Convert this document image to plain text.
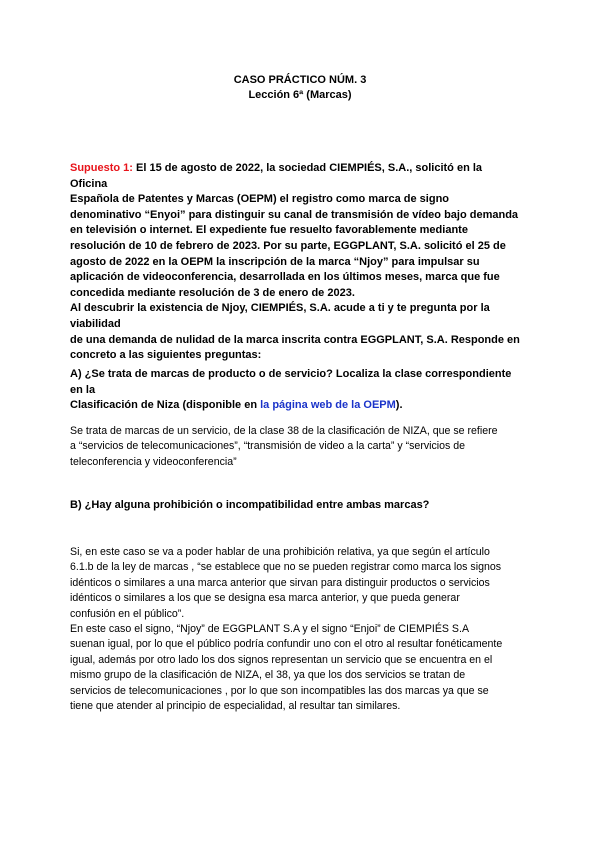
CASO PRÁCTICO NÚM. 3
Lección 6ª (Marcas)
Supuesto 1: El 15 de agosto de 2022, la sociedad CIEMPIÉS, S.A., solicitó en la
Oficina
Española de Patentes y Marcas (OEPM) el registro como marca de signo
denominativo “Enyoi” para distinguir su canal de transmisión de vídeo bajo demanda
en televisión o internet. El expediente fue resuelto favorablemente mediante
resolución de 10 de febrero de 2023. Por su parte, EGGPLANT, S.A. solicitó el 25 de
agosto de 2022 en la OEPM la inscripción de la marca “Njoy” para impulsar su
aplicación de videoconferencia, desarrollada en los últimos meses, marca que fue
concedida mediante resolución de 3 de enero de 2023.
Al descubrir la existencia de Njoy, CIEMPIÉS, S.A. acude a ti y te pregunta por la
viabilidad
de una demanda de nulidad de la marca inscrita contra EGGPLANT, S.A. Responde en
concreto a las siguientes preguntas:
A) ¿Se trata de marcas de producto o de servicio? Localiza la clase correspondiente
en la
Clasificación de Niza (disponible en la página web de la OEPM).
Se trata de marcas de un servicio, de la clase 38 de la clasificación de NIZA, que se refiere
a “servicios de telecomunicaciones”, “transmisión de video a la carta” y “servicios de
teleconferencia y videoconferencia”
B) ¿Hay alguna prohibición o incompatibilidad entre ambas marcas?
Si, en este caso se va a poder hablar de una prohibición relativa, ya que según el artículo
6.1.b de la ley de marcas , “se establece que no se pueden registrar como marca los signos
idénticos o similares a una marca anterior que sirvan para distinguir productos o servicios
idénticos o similares a los que se designa esa marca anterior, y que pueda generar
confusión en el público”.
En este caso el signo, “Njoy” de EGGPLANT S.A y el signo “Enjoi” de CIEMPIÉS S.A
suenan igual, por lo que el público podría confundir uno con el otro al resultar fonéticamente
igual, además por otro lado los dos signos representan un servicio que se encuentra en el
mismo grupo de la clasificación de NIZA, el 38, ya que los dos servicios se tratan de
servicios de telecomunicaciones , por lo que son incompatibles las dos marcas ya que se
tiene que atender al principio de especialidad, al resultar tan similares.
